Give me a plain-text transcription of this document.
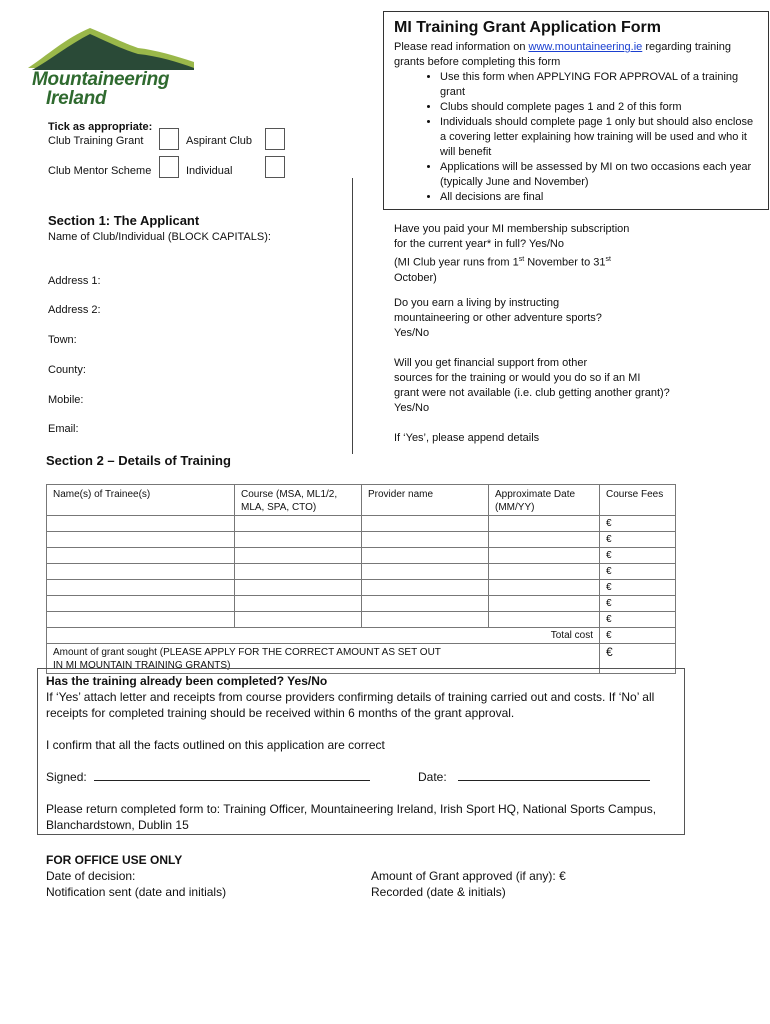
Mountaineering
Ireland
Tick as appropriate:
Club Training Grant	Aspirant Club
Club Mentor Scheme	Individual
MI Training Grant Application Form
Please read information on www.mountaineering.ie regarding training grants before completing this form
• Use this form when APPLYING FOR APPROVAL of a training grant
• Clubs should complete pages 1 and 2 of this form
• Individuals should complete page 1 only but should also enclose a covering letter explaining how training will be used and who it will benefit
• Applications will be assessed by MI on two occasions each year (typically June and November)
• All decisions are final
Section 1: The Applicant
Name of Club/Individual (BLOCK CAPITALS):
Address 1:
Address 2:
Town:
County:
Mobile:
Email:
Have you paid your MI membership subscription
for the current year* in full? Yes/No
(MI Club year runs from 1st November to 31st
October)
Do you earn a living by instructing
mountaineering or other adventure sports?
Yes/No
Will you get financial support from other
sources for the training or would you do so if an MI
grant were not available (i.e. club getting another grant)?
Yes/No
If ‘Yes’, please append details
Section 2 – Details of Training
Name(s) of Trainee(s)	Course (MSA, ML1/2, MLA, SPA, CTO)	Provider name	Approximate Date (MM/YY)	Course Fees
				€
				€
				€
				€
				€
				€
				€
Total cost				€
Amount of grant sought (PLEASE APPLY FOR THE CORRECT AMOUNT AS SET OUT IN MI MOUNTAIN TRAINING GRANTS)				€
Has the training already been completed? Yes/No
If ‘Yes’ attach letter and receipts from course providers confirming details of training carried out and costs. If ‘No’ all receipts for completed training should be received within 6 months of the grant approval.
I confirm that all the facts outlined on this application are correct
Signed:	Date:
Please return completed form to: Training Officer, Mountaineering Ireland, Irish Sport HQ, National Sports Campus, Blanchardstown, Dublin 15
FOR OFFICE USE ONLY
Date of decision:
Notification sent (date and initials)
Amount of Grant approved (if any): €
Recorded (date & initials)
